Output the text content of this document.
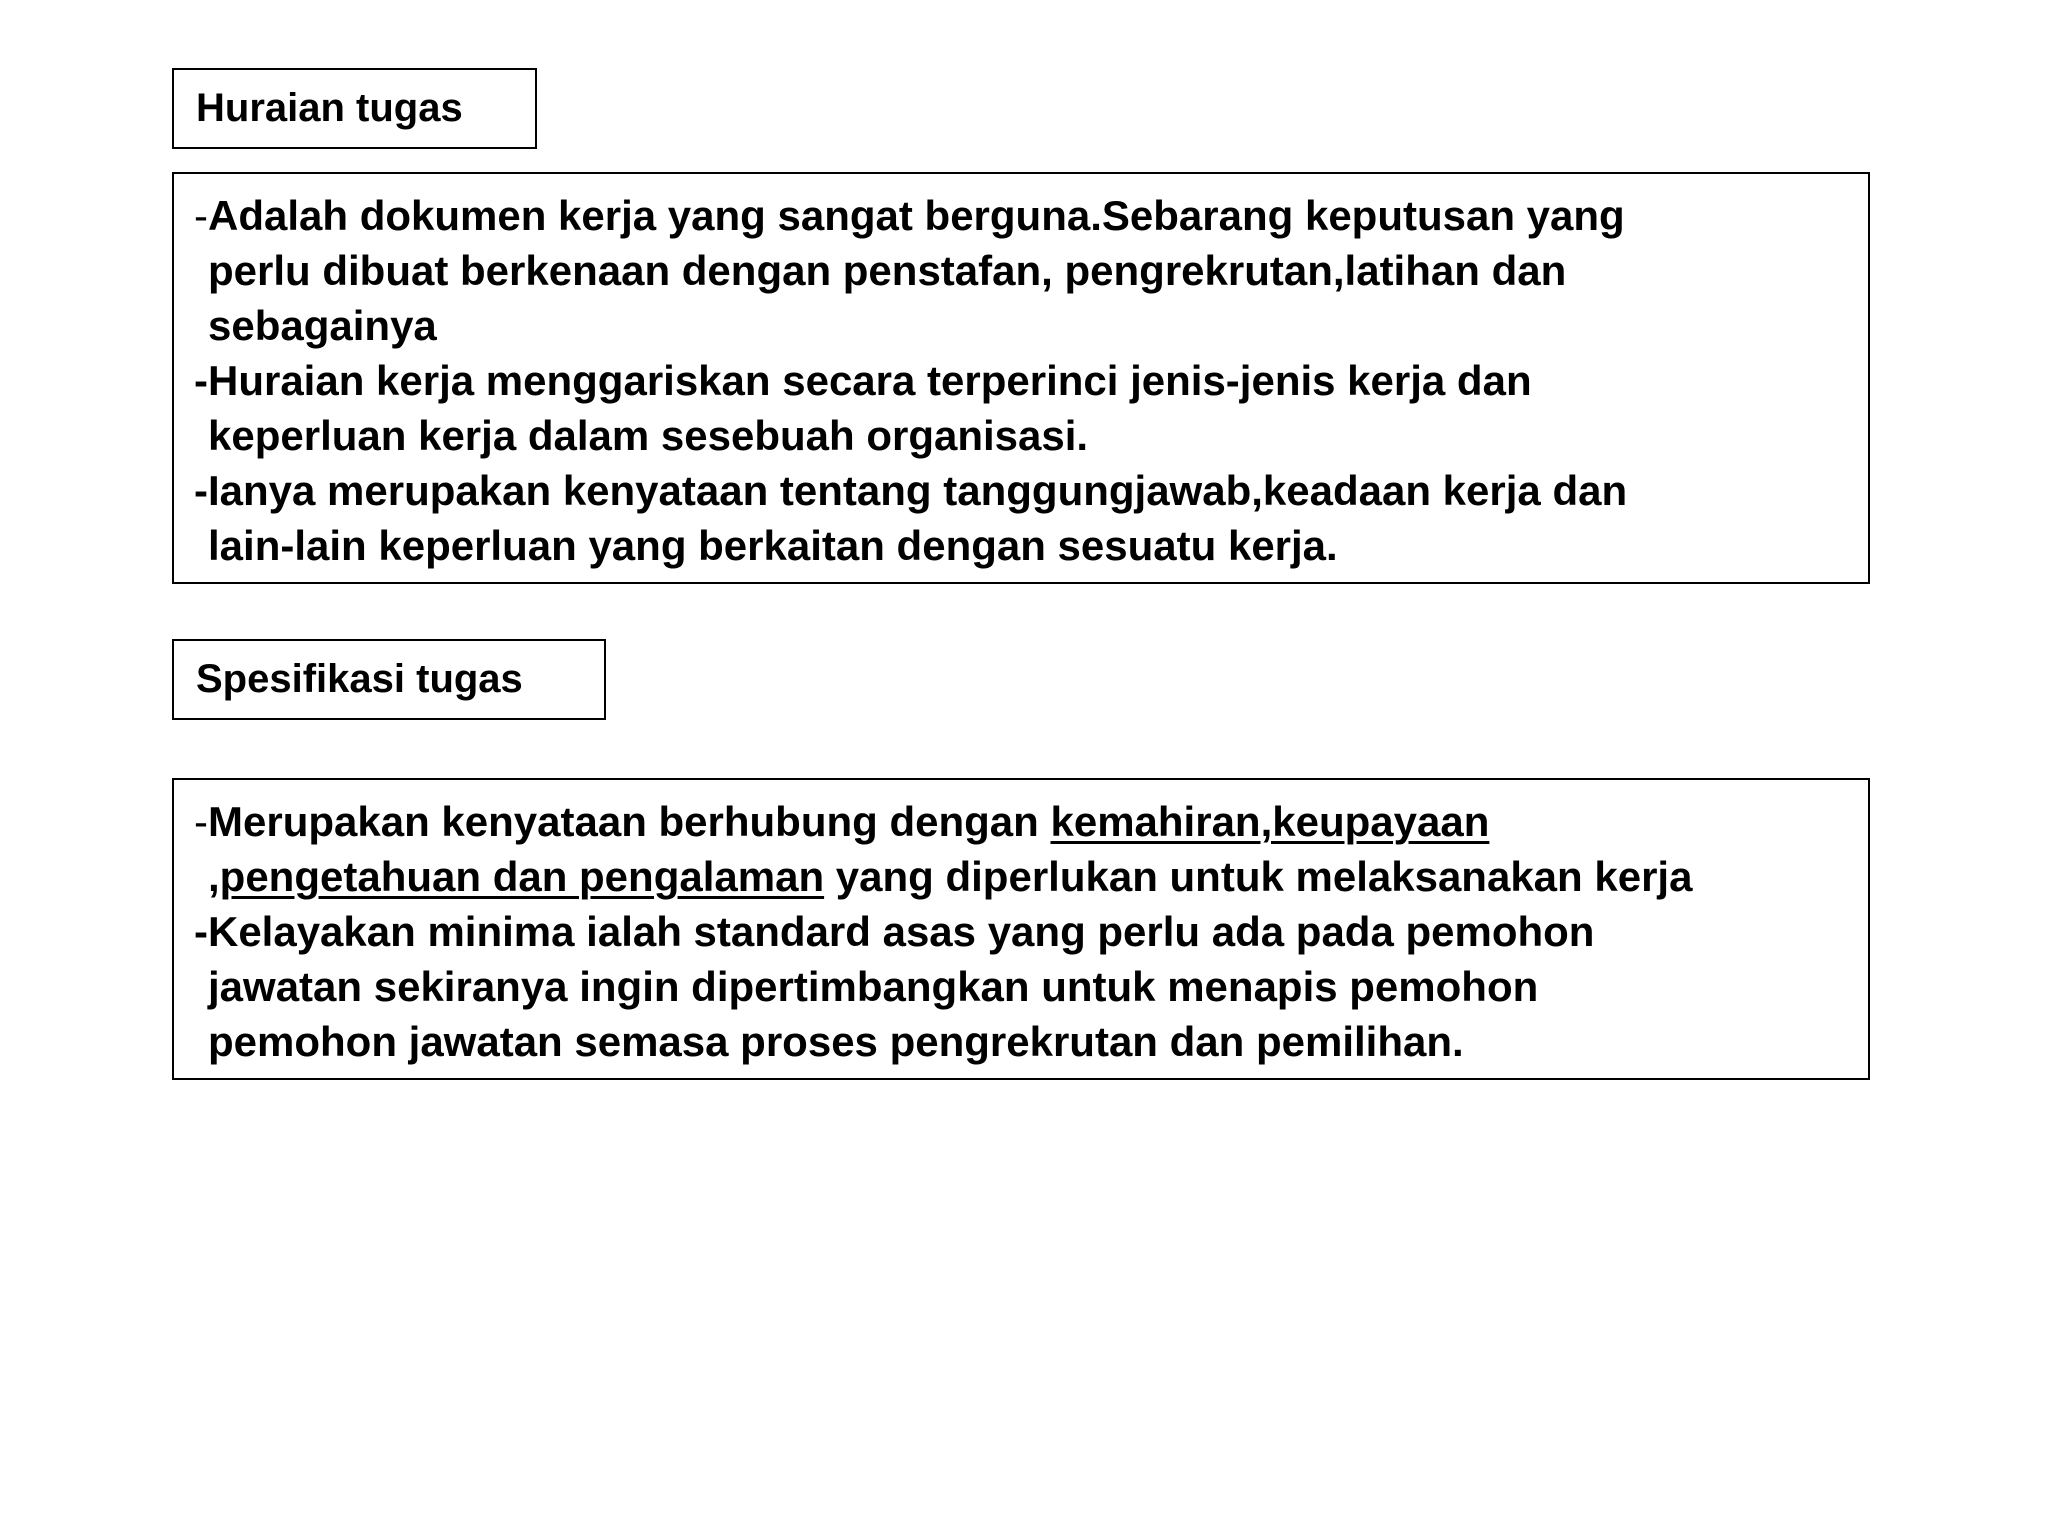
Huraian tugas
-Adalah dokumen kerja yang sangat berguna.Sebarang keputusan yang
perlu dibuat berkenaan dengan penstafan, pengrekrutan,latihan dan
sebagainya
-Huraian kerja menggariskan secara terperinci jenis-jenis kerja dan
keperluan kerja dalam sesebuah organisasi.
-Ianya merupakan kenyataan tentang tanggungjawab,keadaan kerja dan
lain-lain keperluan yang berkaitan dengan sesuatu kerja.
Spesifikasi tugas
-Merupakan kenyataan berhubung dengan kemahiran,keupayaan
,pengetahuan dan pengalaman yang diperlukan untuk melaksanakan kerja
-Kelayakan minima ialah standard asas yang perlu ada pada pemohon
jawatan sekiranya ingin dipertimbangkan untuk menapis pemohon
pemohon jawatan semasa proses pengrekrutan dan pemilihan.
